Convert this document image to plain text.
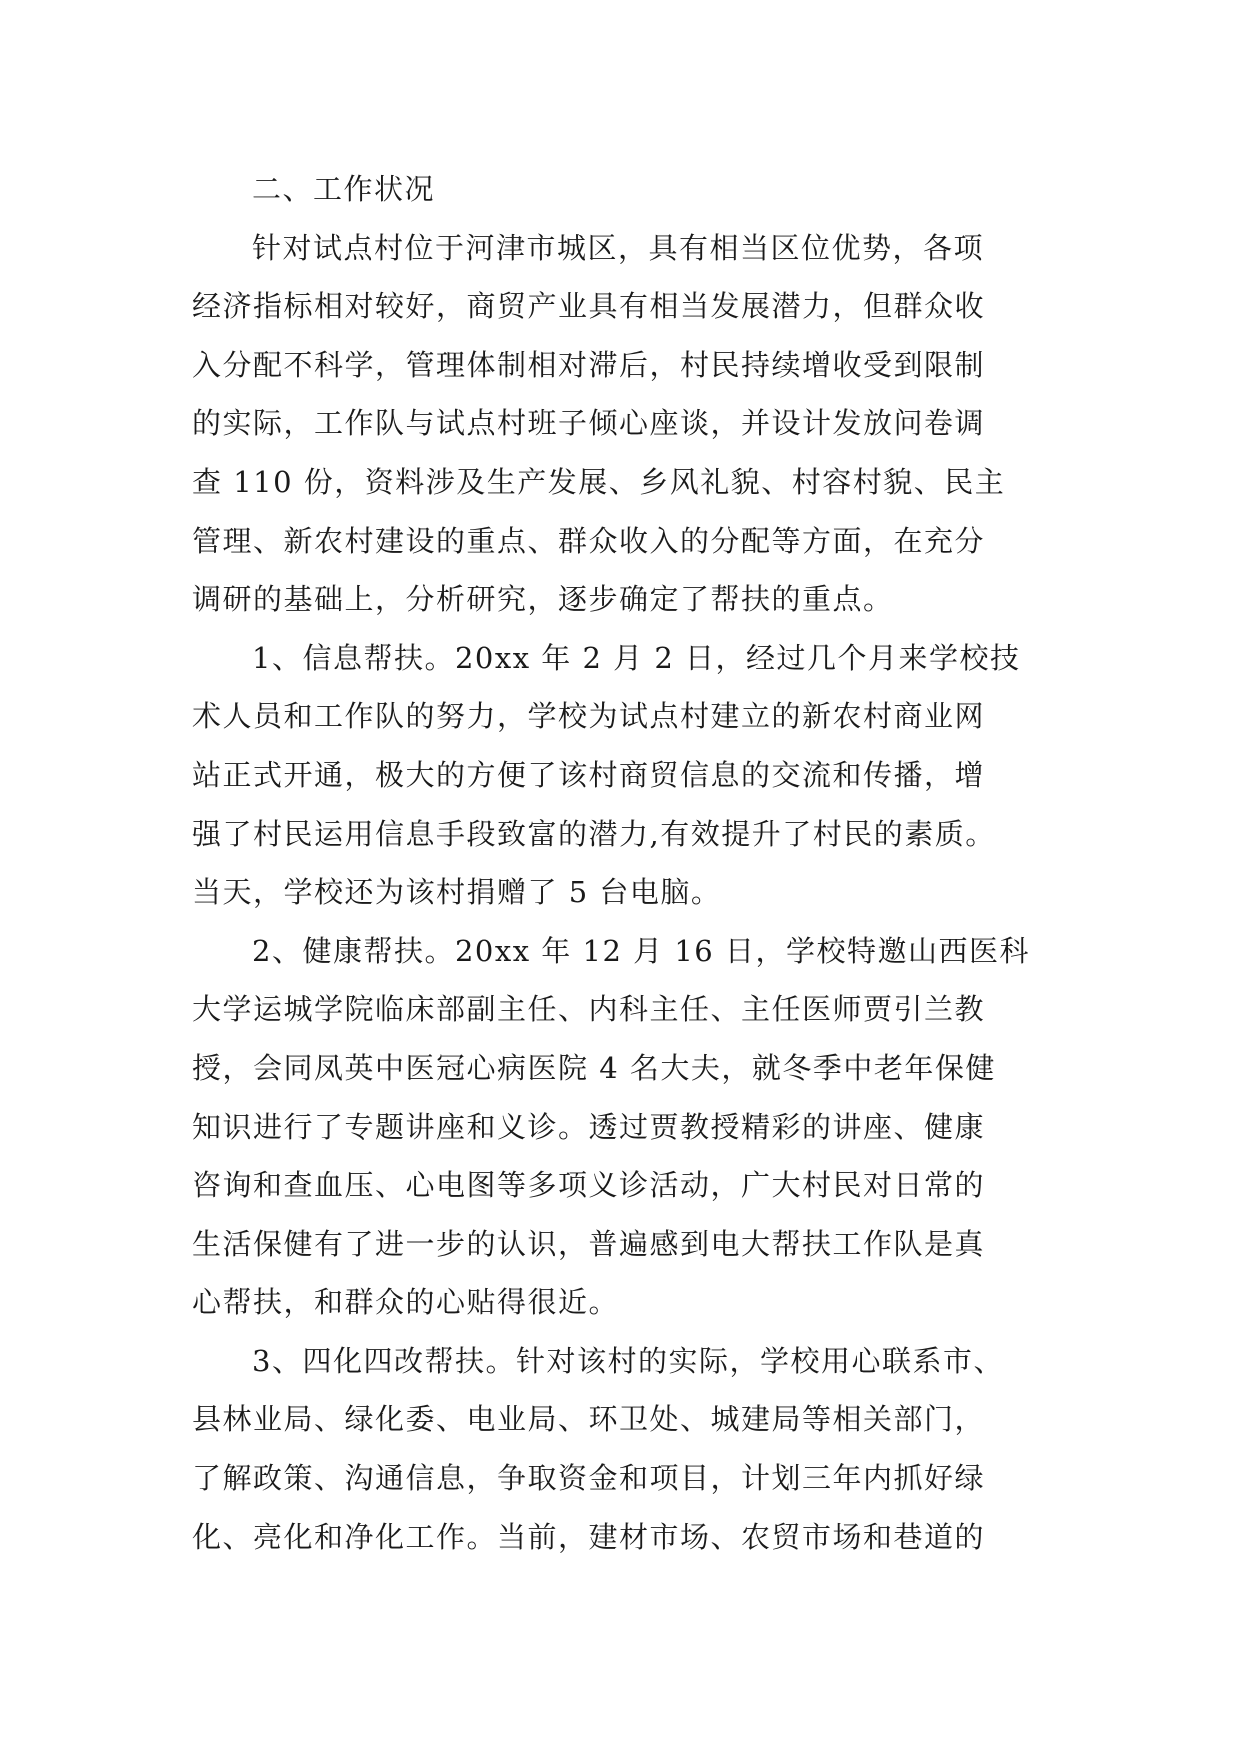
二、工作状况
针对试点村位于河津市城区，具有相当区位优势，各项
经济指标相对较好，商贸产业具有相当发展潜力，但群众收
入分配不科学，管理体制相对滞后，村民持续增收受到限制
的实际，工作队与试点村班子倾心座谈，并设计发放问卷调
查 110 份，资料涉及生产发展、乡风礼貌、村容村貌、民主
管理、新农村建设的重点、群众收入的分配等方面，在充分
调研的基础上，分析研究，逐步确定了帮扶的重点。
1、信息帮扶。20xx 年 2 月 2 日，经过几个月来学校技
术人员和工作队的努力，学校为试点村建立的新农村商业网
站正式开通，极大的方便了该村商贸信息的交流和传播，增
强了村民运用信息手段致富的潜力,有效提升了村民的素质。
当天，学校还为该村捐赠了 5 台电脑。
2、健康帮扶。20xx 年 12 月 16 日，学校特邀山西医科
大学运城学院临床部副主任、内科主任、主任医师贾引兰教
授，会同凤英中医冠心病医院 4 名大夫，就冬季中老年保健
知识进行了专题讲座和义诊。透过贾教授精彩的讲座、健康
咨询和查血压、心电图等多项义诊活动，广大村民对日常的
生活保健有了进一步的认识，普遍感到电大帮扶工作队是真
心帮扶，和群众的心贴得很近。
3、四化四改帮扶。针对该村的实际，学校用心联系市、
县林业局、绿化委、电业局、环卫处、城建局等相关部门，
了解政策、沟通信息，争取资金和项目，计划三年内抓好绿
化、亮化和净化工作。当前，建材市场、农贸市场和巷道的
